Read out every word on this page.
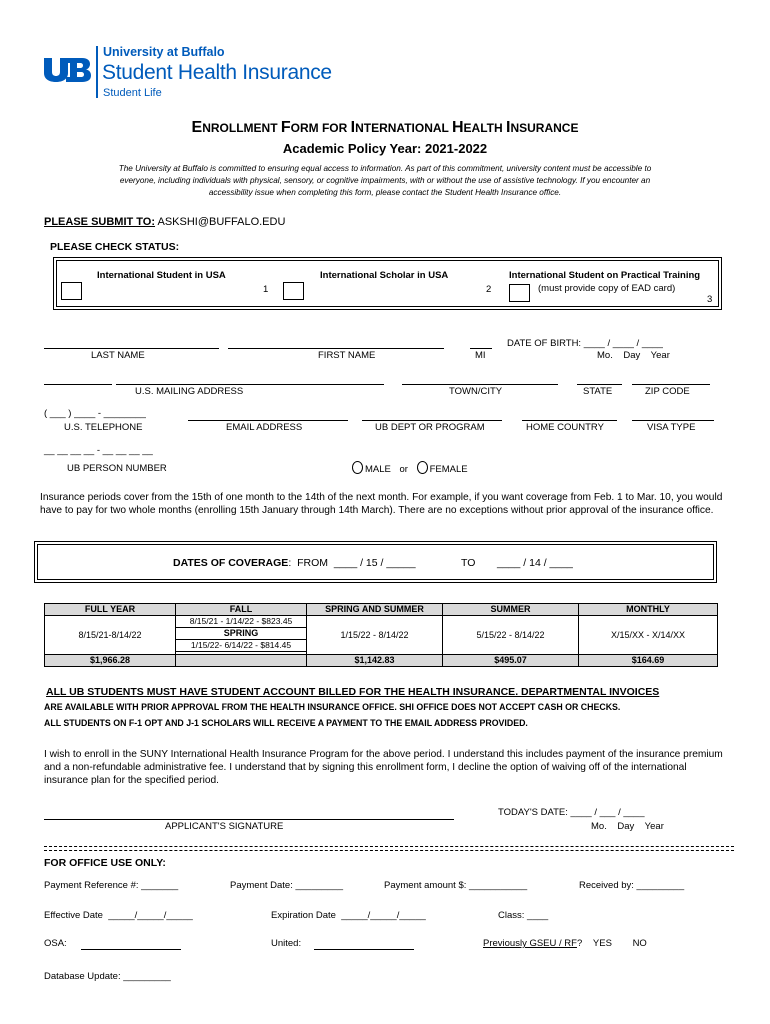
University at Buffalo
Student Health Insurance
Student Life
ENROLLMENT FORM FOR INTERNATIONAL HEALTH INSURANCE
Academic Policy Year: 2021-2022
The University at Buffalo is committed to ensuring equal access to information. As part of this commitment, university content must be accessible to everyone, including individuals with physical, sensory, or cognitive impairments, with or without the use of assistive technology. If you encounter an accessibility issue when completing this form, please contact the Student Health Insurance office.
PLEASE SUBMIT TO: ASKSHI@BUFFALO.EDU
PLEASE CHECK STATUS:
International Student in USA
1
International Scholar in USA
2
International Student on Practical Training
(must provide copy of EAD card)
3
LAST NAME	FIRST NAME	MI
DATE OF BIRTH: ____ / ____ / ____
Mo.    Day    Year
U.S. MAILING ADDRESS	TOWN/CITY	STATE	ZIP CODE
( ___ ) ____ - ________
U.S. TELEPHONE	EMAIL ADDRESS	UB DEPT OR PROGRAM	HOME COUNTRY	VISA TYPE
__ __ __ __ - __ __ __ __
UB PERSON NUMBER	MALE or FEMALE
Insurance periods cover from the 15th of one month to the 14th of the next month. For example, if you want coverage from Feb. 1 to Mar. 10, you would have to pay for two whole months (enrolling 15th January through 14th March). There are no exceptions without prior approval of the insurance office.
DATES OF COVERAGE:  FROM  ____ / 15 / _____	TO ____ / 14 / ____
FULL YEAR	FALL	SPRING AND SUMMER	SUMMER	MONTHLY
8/15/21-8/14/22	8/15/21 - 1/14/22 - $823.45	1/15/22 - 8/14/22	5/15/22 - 8/14/22	X/15/XX - X/14/XX
	SPRING			
	1/15/22- 6/14/22 - $814.45			

$1,966.28		$1,142.83	$495.07	$164.69
ALL UB STUDENTS MUST HAVE STUDENT ACCOUNT BILLED FOR THE HEALTH INSURANCE. DEPARTMENTAL INVOICES
ARE AVAILABLE WITH PRIOR APPROVAL FROM THE HEALTH INSURANCE OFFICE. SHI OFFICE DOES NOT ACCEPT CASH OR CHECKS.
ALL STUDENTS ON F-1 OPT AND J-1 SCHOLARS WILL RECEIVE A PAYMENT TO THE EMAIL ADDRESS PROVIDED.
I wish to enroll in the SUNY International Health Insurance Program for the above period. I understand this includes payment of the insurance premium and a non-refundable administrative fee. I understand that by signing this enrollment form, I decline the option of waiving off of the international insurance plan for the specified period.
APPLICANT'S SIGNATURE
TODAY'S DATE: ____ / ___ / ____
Mo.    Day    Year
FOR OFFICE USE ONLY:
Payment Reference #: _______	Payment Date: _________	Payment amount $: ___________	Received by: _________
Effective Date  _____/_____/_____	Expiration Date  _____/_____/_____	Class: ____
OSA:	United:	Previously GSEU / RF? YES NO
Database Update: _________
